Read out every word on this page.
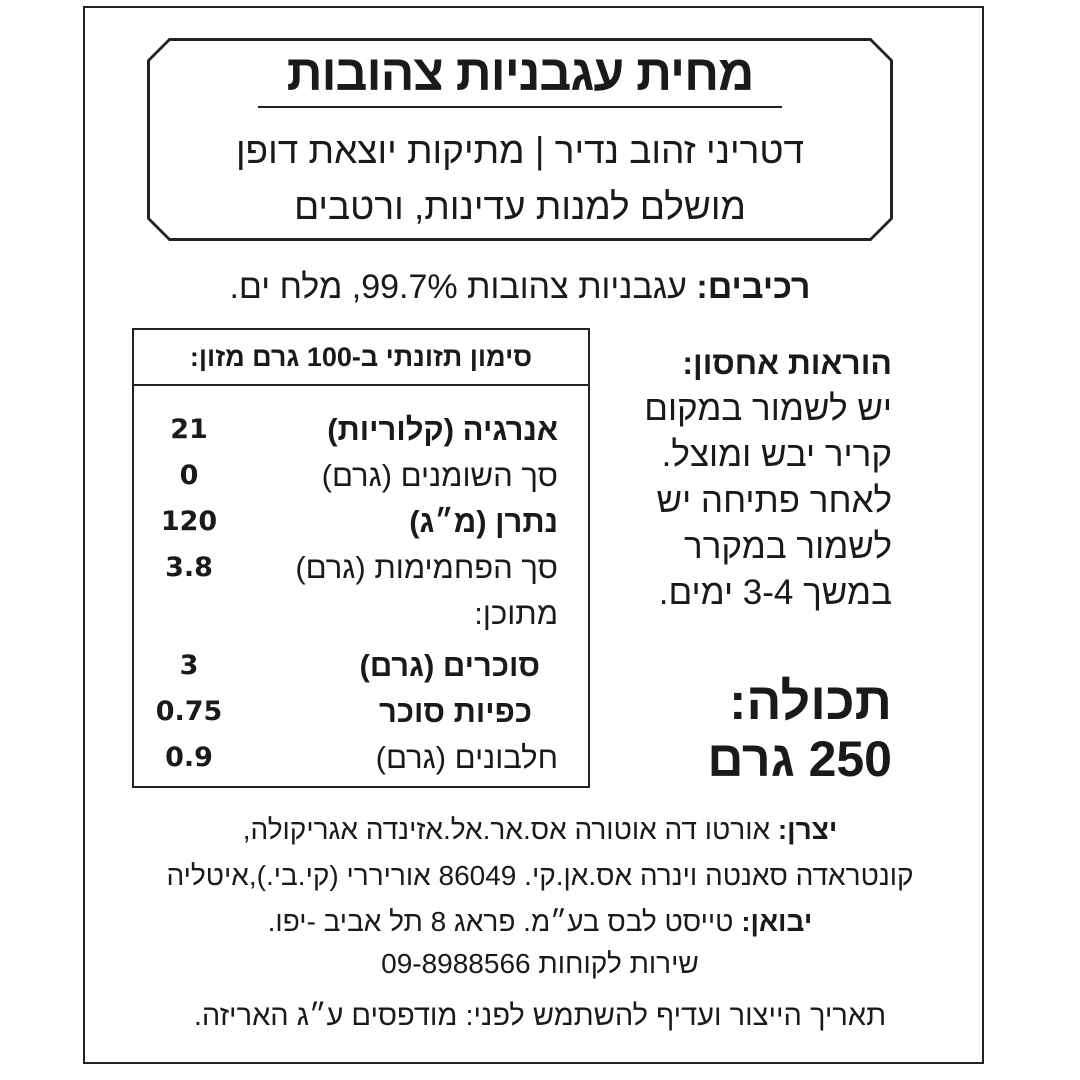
מחית עגבניות צהובות
דטריני זהוב נדיר | מתיקות יוצאת דופן
מושלם למנות עדינות, ורטבים
רכיבים: עגבניות צהובות 99.7%, מלח ים.
סימון תזונתי ב-100 גרם מזון:
אנרגיה (קלוריות)
21
סך השומנים (גרם)
0
נתרן (מ״ג)
120
סך הפחמימות (גרם)
3.8
מתוכן:
סוכרים (גרם)
3
כפיות סוכר
0.75
חלבונים (גרם)
0.9
הוראות אחסון:
יש לשמור במקום
קריר יבש ומוצל.
לאחר פתיחה יש
לשמור במקרר
במשך 3-4 ימים.
תכולה:
250 גרם
יצרן: אורטו דה אוטורה אס.אר.אל.אזינדה אגריקולה,
קונטראדה סאנטה וינרה אס.אן.קי. 86049 אוריררי (קי.בי.),איטליה
יבואן: טייסט לבס בע״מ. פראג 8 תל אביב -יפו.
שירות לקוחות 09-8988566
תאריך הייצור ועדיף להשתמש לפני: מודפסים ע״ג האריזה.
